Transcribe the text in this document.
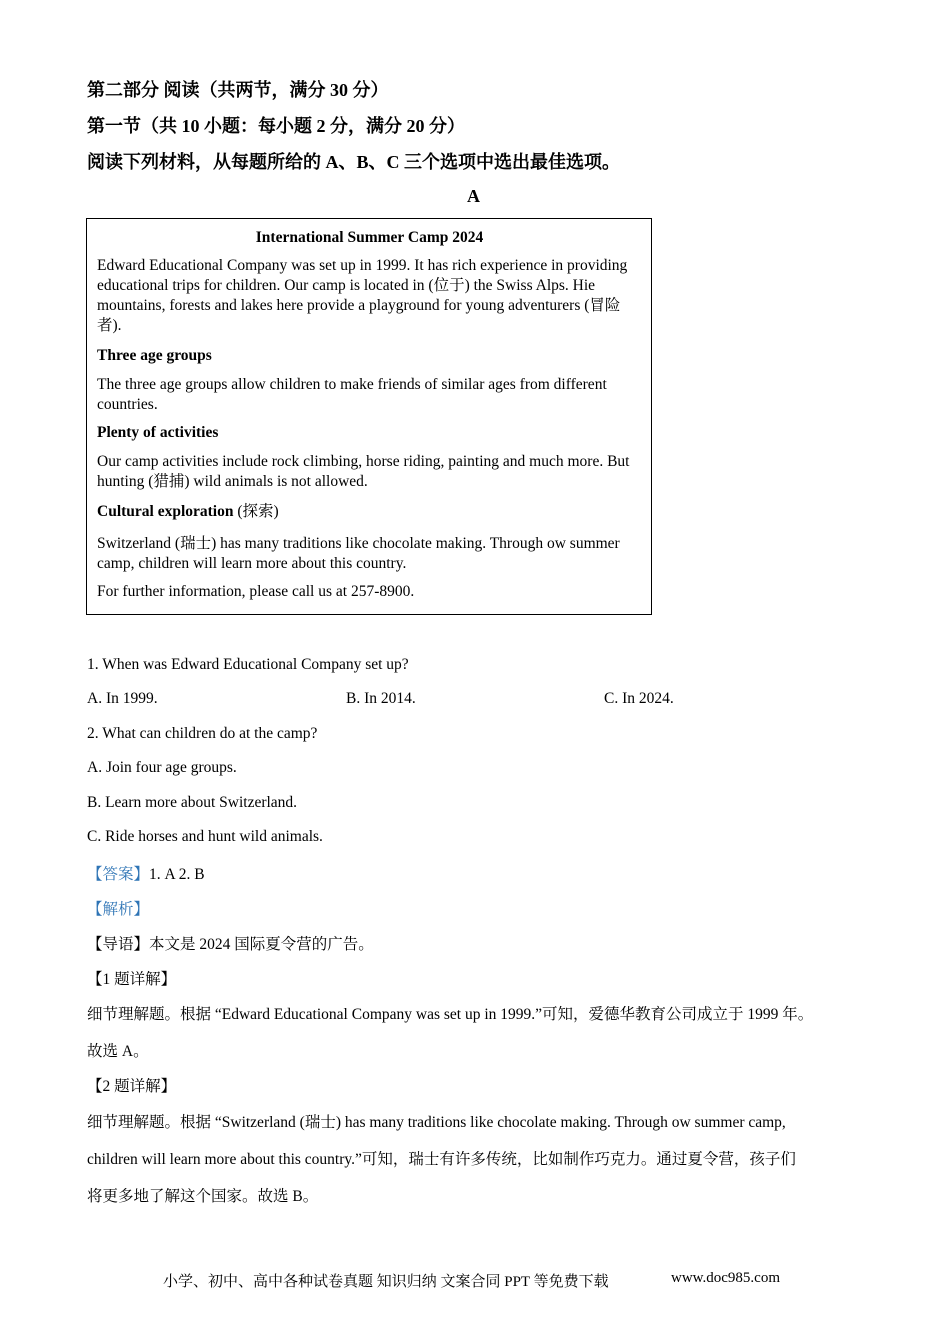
第二部分 阅读（共两节，满分 30 分）
第一节（共 10 小题：每小题 2 分，满分 20 分）
阅读下列材料，从每题所给的 A、B、C 三个选项中选出最佳选项。
A
International Summer Camp 2024
Edward Educational Company was set up in 1999. It has rich experience in providing educational trips for children. Our camp is located in (位于) the Swiss Alps. Hie mountains, forests and lakes here provide a playground for young adventurers (冒险者).
Three age groups
The three age groups allow children to make friends of similar ages from different countries.
Plenty of activities
Our camp activities include rock climbing, horse riding, painting and much more. But hunting (猎捕) wild animals is not allowed.
Cultural exploration (探索)
Switzerland (瑞士) has many traditions like chocolate making. Through ow summer camp, children will learn more about this country.
For further information, please call us at 257-8900.
1. When was Edward Educational Company set up?
A. In 1999.	B. In 2014.	C. In 2024.
2. What can children do at the camp?
A. Join four age groups.
B. Learn more about Switzerland.
C. Ride horses and hunt wild animals.
【答案】1. A 2. B
【解析】
【导语】本文是 2024 国际夏令营的广告。
【1 题详解】
细节理解题。根据 “Edward Educational Company was set up in 1999.”可知，爱德华教育公司成立于 1999 年。
故选 A。
【2 题详解】
细节理解题。根据 “Switzerland (瑞士) has many traditions like chocolate making. Through ow summer camp,
children will learn more about this country.”可知，瑞士有许多传统，比如制作巧克力。通过夏令营，孩子们
将更多地了解这个国家。故选 B。
小学、初中、高中各种试卷真题 知识归纳 文案合同 PPT 等免费下载	www.doc985.com
